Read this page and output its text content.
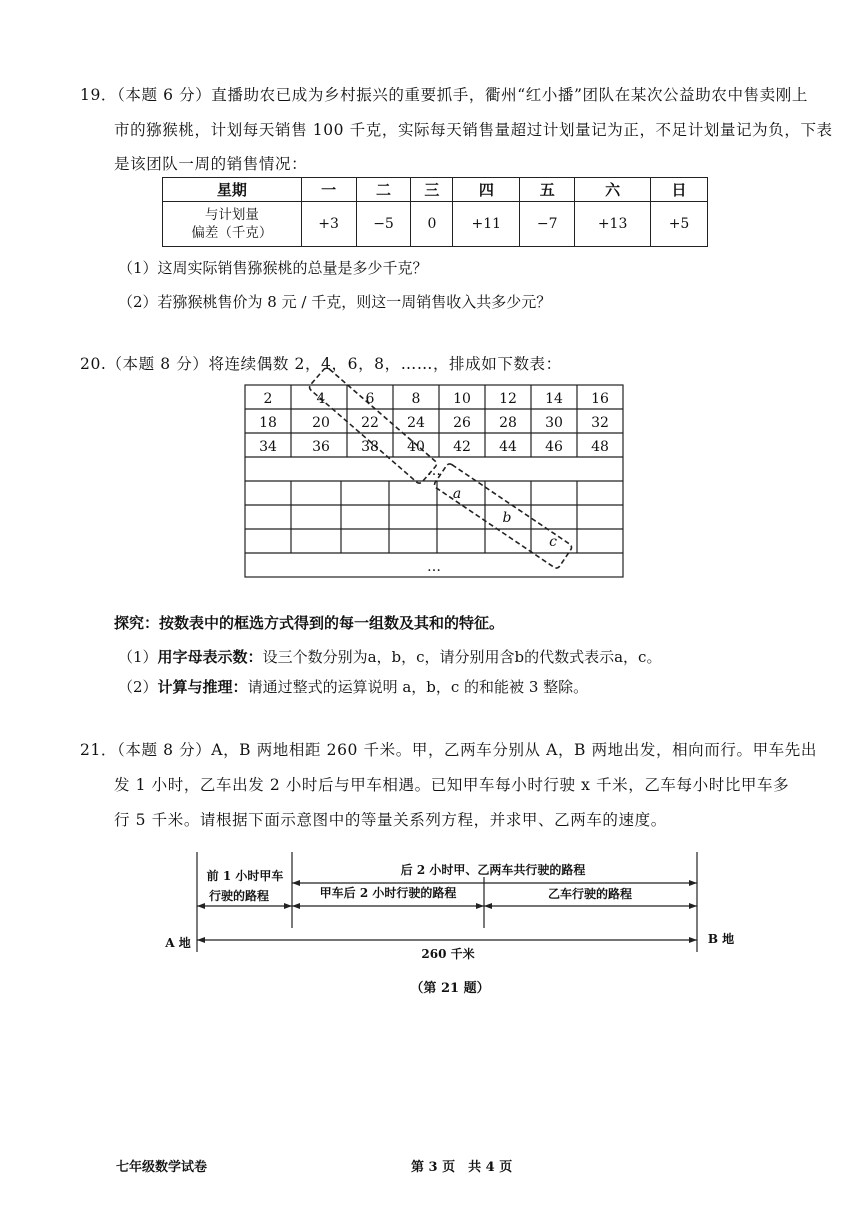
19．（本题 6 分）直播助农已成为乡村振兴的重要抓手，衢州“红小播”团队在某次公益助农中售卖刚上
市的猕猴桃，计划每天销售 100 千克，实际每天销售量超过计划量记为正，不足计划量记为负，下表
是该团队一周的销售情况：
星期	一	二	三	四	五	六	日

与计划量
偏差（千克）	+3	−5	0	+11	−7	+13	+5
（1）这周实际销售猕猴桃的总量是多少千克？
（2）若猕猴桃售价为 8 元 / 千克，则这一周销售收入共多少元？
20.（本题 8 分）将连续偶数 2，4，6，8，……，排成如下数表：
2	4	6	8 10 12 14 16
18	20 22 24 26 28 30 32
34	36 38 40 42 44 46 48
…
…
a
b
c
探究：按数表中的框选方式得到的每一组数及其和的特征。
（1）用字母表示数：设三个数分别为a，b，c，请分别用含b的代数式表示a，c。
（2）计算与推理：请通过整式的运算说明 a，b，c 的和能被 3 整除。
21．（本题 8 分）A，B 两地相距 260 千米。甲，乙两车分别从 A，B 两地出发，相向而行。甲车先出
发 1 小时，乙车出发 2 小时后与甲车相遇。已知甲车每小时行驶 x 千米，乙车每小时比甲车多
行 5 千米。请根据下面示意图中的等量关系列方程，并求甲、乙两车的速度。
前 1 小时甲车
行驶的路程
后 2 小时甲、乙两车共行驶的路程
甲车后 2 小时行驶的路程	乙车行驶的路程
A 地	B 地
260 千米
（第 21 题）
七年级数学试卷	第 3 页　共 4 页
